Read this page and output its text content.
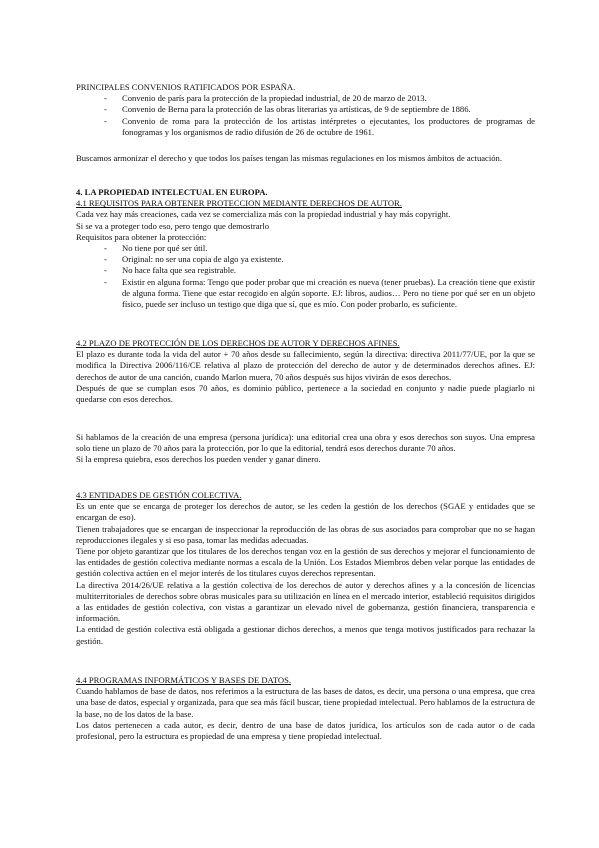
PRINCIPALES CONVENIOS RATIFICADOS POR ESPAÑA.

- Convenio de parís para la protección de la propiedad industrial, de 20 de marzo de 2013.
- Convenio de Berna para la protección de las obras literarias ya artísticas, de 9 de septiembre de 1886.
- Convenio de roma para la protección de los artistas intérpretes o ejecutantes, los productores de programas de fonogramas y los organismos de radio difusión de 26 de octubre de 1961.

Buscamos armonizar el derecho y que todos los países tengan las mismas regulaciones en los mismos ámbitos de actuación.

4. LA PROPIEDAD INTELECTUAL EN EUROPA.

4.1 REQUISITOS PARA OBTENER PROTECCION MEDIANTE DERECHOS DE AUTOR.

Cada vez hay más creaciones, cada vez se comercializa más con la propiedad industrial y hay más copyright.

Si se va a proteger todo eso, pero tengo que demostrarlo

Requisitos para obtener la protección:

- No tiene por qué ser útil.
- Original: no ser una copia de algo ya existente.
- No hace falta que sea registrable.
- Existir en alguna forma: Tengo que poder probar que mi creación es nueva (tener pruebas). La creación tiene que existir de alguna forma. Tiene que estar recogido en algún soporte. EJ: libros, audios… Pero no tiene por qué ser en un objeto físico, puede ser incluso un testigo que diga que sí, que es mío. Con poder probarlo, es suficiente.

4.2 PLAZO DE PROTECCIÓN DE LOS DERECHOS DE AUTOR Y DERECHOS AFINES.

El plazo es durante toda la vida del autor + 70 años desde su fallecimiento, según la directiva: directiva 2011/77/UE, por la que se modifica la Directiva 2006/116/CE relativa al plazo de protección del derecho de autor y de determinados derechos afines. EJ: derechos de autor de una canción, cuando Marlon muera, 70 años después sus hijos vivirán de esos derechos.

Después de que se cumplan esos 70 años, es dominio público, pertenece a la sociedad en conjunto y nadie puede plagiarlo ni quedarse con esos derechos.

Si hablamos de la creación de una empresa (persona jurídica): una editorial crea una obra y esos derechos son suyos. Una empresa solo tiene un plazo de 70 años para la protección, por lo que la editorial, tendrá esos derechos durante 70 años.

Si la empresa quiebra, esos derechos los pueden vender y ganar dinero.

4.3 ENTIDADES DE GESTIÓN COLECTIVA.

Es un ente que se encarga de proteger los derechos de autor, se les ceden la gestión de los derechos (SGAE y entidades que se encargan de eso).

Tienen trabajadores que se encargan de inspeccionar la reproducción de las obras de sus asociados para comprobar que no se hagan reproducciones ilegales y si eso pasa, tomar las medidas adecuadas.

Tiene por objeto garantizar que los titulares de los derechos tengan voz en la gestión de sus derechos y mejorar el funcionamiento de las entidades de gestión colectiva mediante normas a escala de la Unión. Los Estados Miembros deben velar porque las entidades de gestión colectiva actúen en el mejor interés de los titulares cuyos derechos representan.

La directiva 2014/26/UE relativa a la gestión colectiva de los derechos de autor y derechos afines y a la concesión de licencias multiterritoriales de derechos sobre obras musicales para su utilización en línea en el mercado interior, estableció requisitos dirigidos a las entidades de gestión colectiva, con vistas a garantizar un elevado nivel de gobernanza, gestión financiera, transparencia e información.

La entidad de gestión colectiva está obligada a gestionar dichos derechos, a menos que tenga motivos justificados para rechazar la gestión.

4.4 PROGRAMAS INFORMÁTICOS Y BASES DE DATOS.

Cuando hablamos de base de datos, nos referimos a la estructura de las bases de datos, es decir, una persona o una empresa, que crea una base de datos, especial y organizada, para que sea más fácil buscar, tiene propiedad intelectual. Pero hablamos de la estructura de la base, no de los datos de la base.

Los datos pertenecen a cada autor, es decir, dentro de una base de datos jurídica, los artículos son de cada autor o de cada profesional, pero la estructura es propiedad de una empresa y tiene propiedad intelectual.
